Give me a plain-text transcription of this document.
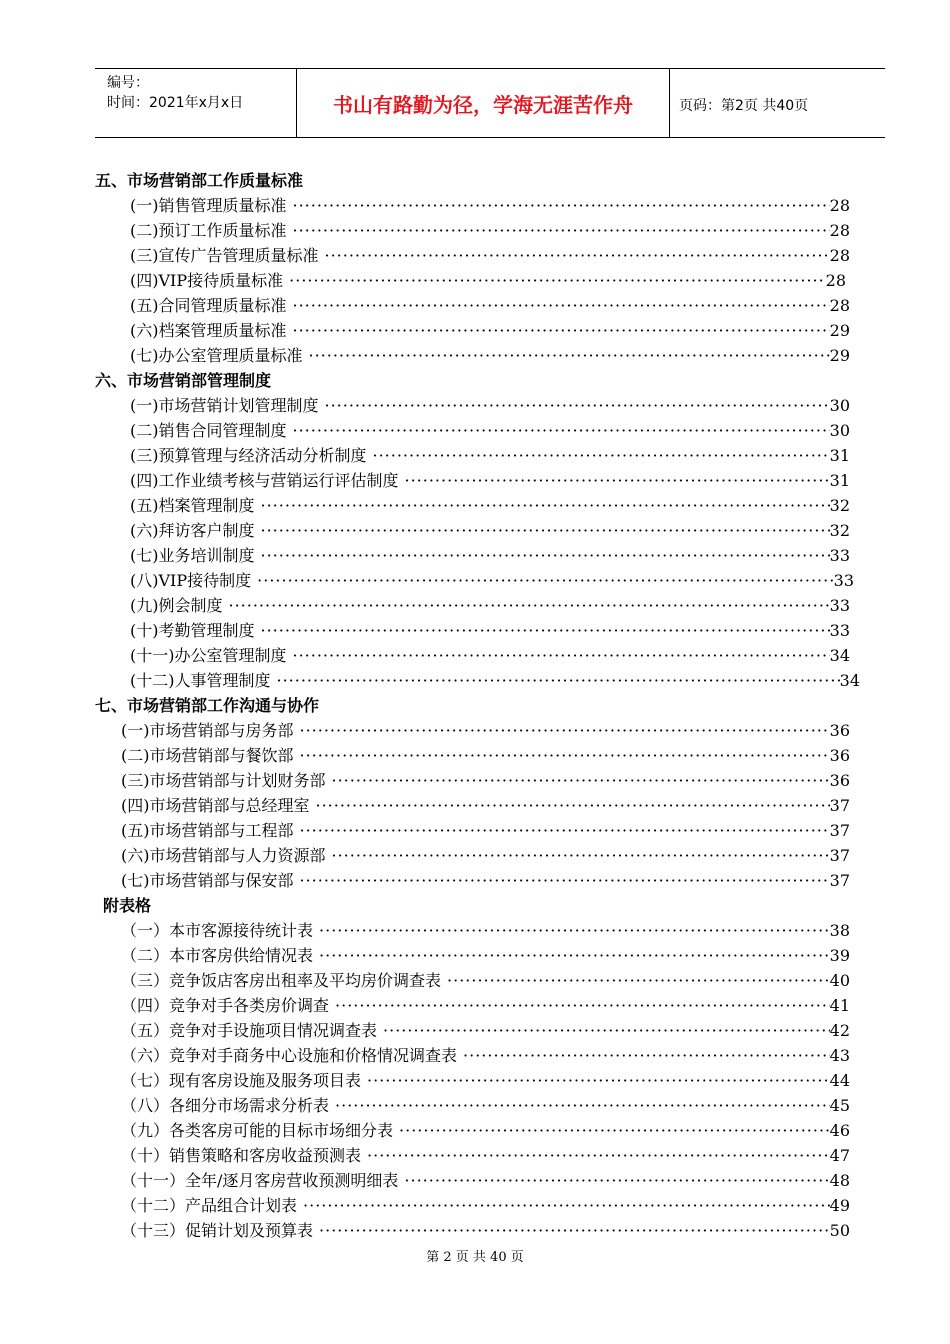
编号：
时间：2021年x月x日	书山有路勤为径，学海无涯苦作舟	页码：第2页 共40页
五、市场营销部工作质量标准
(一)销售管理质量标准 ·····	28
(二)预订工作质量标准 ·····	28
(三)宣传广告管理质量标准 ·····	28
(四)VIP接待质量标准 ·····	28
(五)合同管理质量标准 ·····	28
(六)档案管理质量标准 ·····	29
(七)办公室管理质量标准 ·····	29
六、市场营销部管理制度
(一)市场营销计划管理制度 ·····	30
(二)销售合同管理制度 ·····	30
(三)预算管理与经济活动分析制度 ·····	31
(四)工作业绩考核与营销运行评估制度 ·····	31
(五)档案管理制度 ·····	32
(六)拜访客户制度 ·····	32
(七)业务培训制度 ·····	33
(八)VIP接待制度 ·····	33
(九)例会制度 ·····	33
(十)考勤管理制度 ·····	33
(十一)办公室管理制度 ·····	34
(十二)人事管理制度 ·····	34
七、市场营销部工作沟通与协作
(一)市场营销部与房务部 ·····	36
(二)市场营销部与餐饮部 ·····	36
(三)市场营销部与计划财务部 ·····	36
(四)市场营销部与总经理室 ·····	37
(五)市场营销部与工程部 ·····	37
(六)市场营销部与人力资源部 ·····	37
(七)市场营销部与保安部 ·····	37
附表格
（一）本市客源接待统计表 ·····	38
（二）本市客房供给情况表 ·····	39
（三）竞争饭店客房出租率及平均房价调查表 ·····	40
（四）竞争对手各类房价调查 ·····	41
（五）竞争对手设施项目情况调查表 ·····	42
（六）竞争对手商务中心设施和价格情况调查表 ·····	43
（七）现有客房设施及服务项目表 ·····	44
（八）各细分市场需求分析表 ·····	45
（九）各类客房可能的目标市场细分表 ·····	46
（十）销售策略和客房收益预测表 ·····	47
（十一）全年/逐月客房营收预测明细表 ·····	48
（十二）产品组合计划表 ·····	49
（十三）促销计划及预算表 ·····	50
第 2 页 共 40 页
